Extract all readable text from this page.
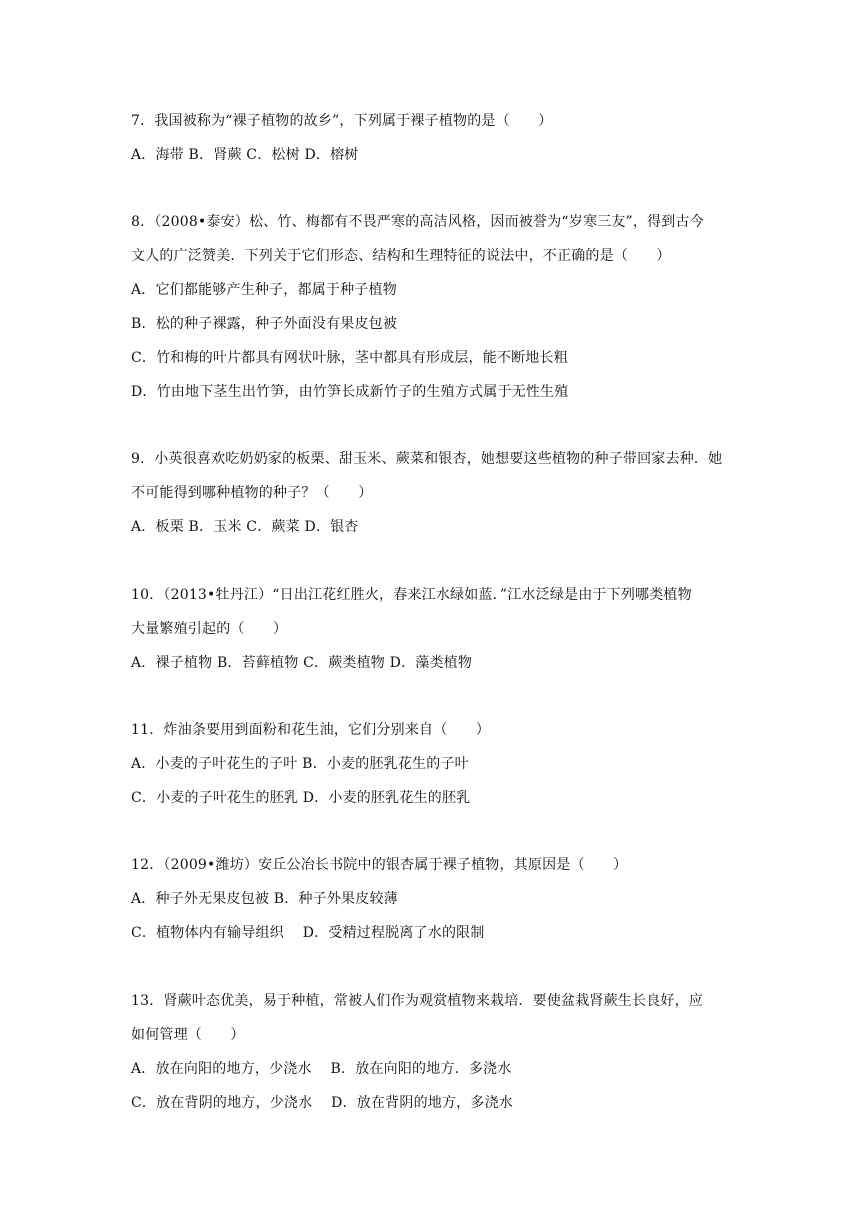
7．我国被称为“裸子植物的故乡”，下列属于裸子植物的是（　　）
A．海带 B．肾蕨 C．松树 D．榕树
8．（2008•泰安）松、竹、梅都有不畏严寒的高洁风格，因而被誉为“岁寒三友”，得到古今
文人的广泛赞美．下列关于它们形态、结构和生理特征的说法中，不正确的是（　　）
A．它们都能够产生种子，都属于种子植物
B．松的种子裸露，种子外面没有果皮包被
C．竹和梅的叶片都具有网状叶脉，茎中都具有形成层，能不断地长粗
D．竹由地下茎生出竹笋，由竹笋长成新竹子的生殖方式属于无性生殖
9．小英很喜欢吃奶奶家的板栗、甜玉米、蕨菜和银杏，她想要这些植物的种子带回家去种．她
不可能得到哪种植物的种子？（　　）
A．板栗 B．玉米 C．蕨菜 D．银杏
10．（2013•牡丹江）“日出江花红胜火，春来江水绿如蓝．”江水泛绿是由于下列哪类植物
大量繁殖引起的（　　）
A．裸子植物 B．苔藓植物 C．蕨类植物 D．藻类植物
11．炸油条要用到面粉和花生油，它们分别来自（　　）
A．小麦的子叶花生的子叶 B．小麦的胚乳花生的子叶
C．小麦的子叶花生的胚乳 D．小麦的胚乳花生的胚乳
12．（2009•潍坊）安丘公冶长书院中的银杏属于裸子植物，其原因是（　　）
A．种子外无果皮包被 B．种子外果皮较薄
C．植物体内有输导组织　 D．受精过程脱离了水的限制
13．肾蕨叶态优美，易于种植，常被人们作为观赏植物来栽培．要使盆栽肾蕨生长良好，应
如何管理（　　）
A．放在向阳的地方，少浇水　 B．放在向阳的地方．多浇水
C．放在背阴的地方，少浇水　 D．放在背阴的地方，多浇水
